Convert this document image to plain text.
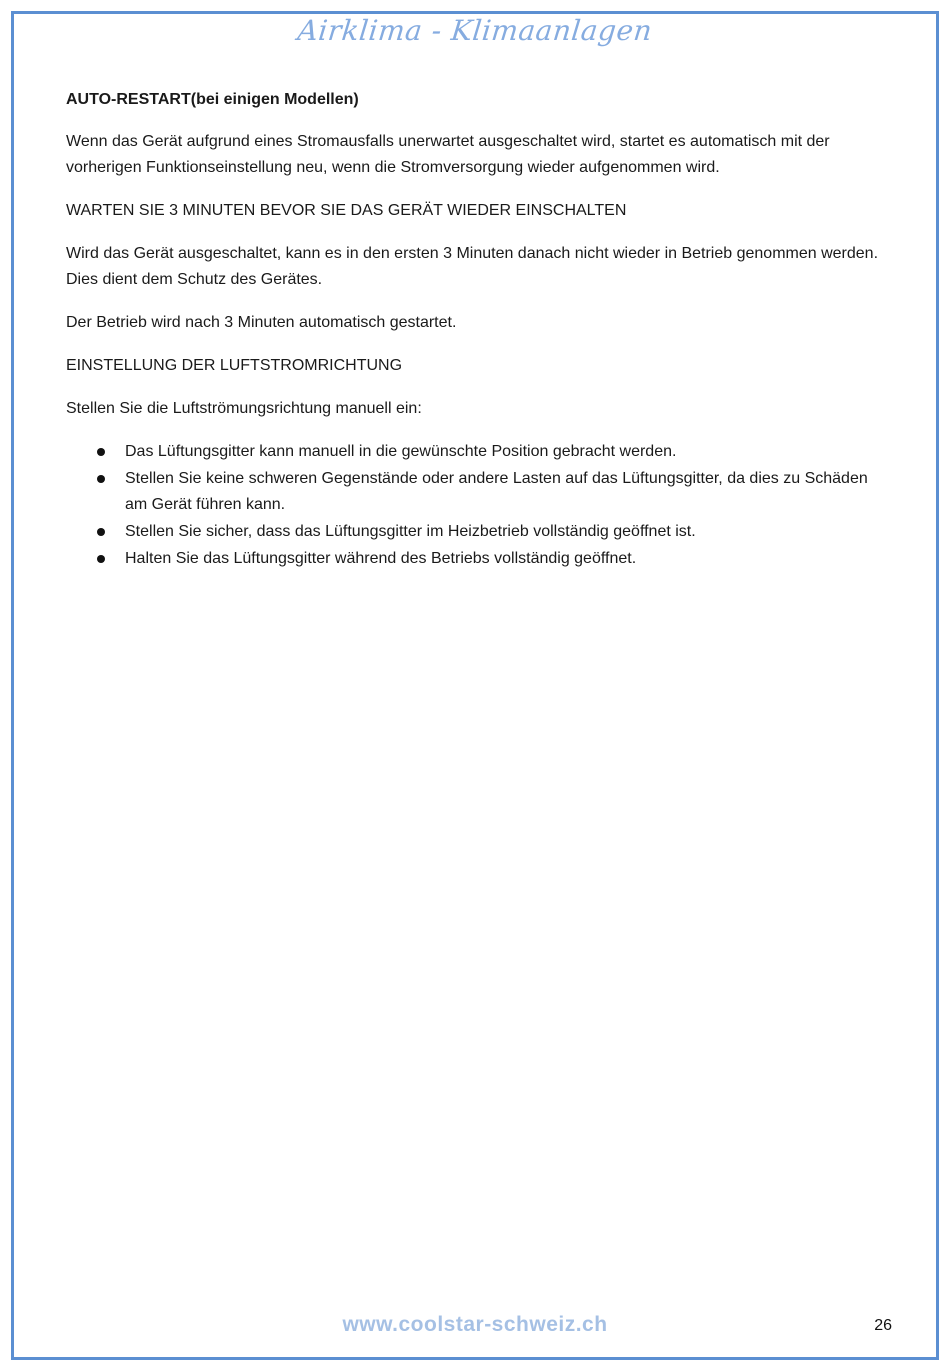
Airklima - Klimaanlagen

AUTO-RESTART(bei einigen Modellen)

Wenn das Gerät aufgrund eines Stromausfalls unerwartet ausgeschaltet wird, startet es automatisch mit der vorherigen Funktionseinstellung neu, wenn die Stromversorgung wieder aufgenommen wird.

WARTEN SIE 3 MINUTEN BEVOR SIE DAS GERÄT WIEDER EINSCHALTEN

Wird das Gerät ausgeschaltet, kann es in den ersten 3 Minuten danach nicht wieder in Betrieb genommen werden. Dies dient dem Schutz des Gerätes.

Der Betrieb wird nach 3 Minuten automatisch gestartet.

EINSTELLUNG DER LUFTSTROMRICHTUNG

Stellen Sie die Luftströmungsrichtung manuell ein:

Das Lüftungsgitter kann manuell in die gewünschte Position gebracht werden.
Stellen Sie keine schweren Gegenstände oder andere Lasten auf das Lüftungsgitter, da dies zu Schäden am Gerät führen kann.
Stellen Sie sicher, dass das Lüftungsgitter im Heizbetrieb vollständig geöffnet ist.
Halten Sie das Lüftungsgitter während des Betriebs vollständig geöffnet.
www.coolstar-schweiz.ch	26
